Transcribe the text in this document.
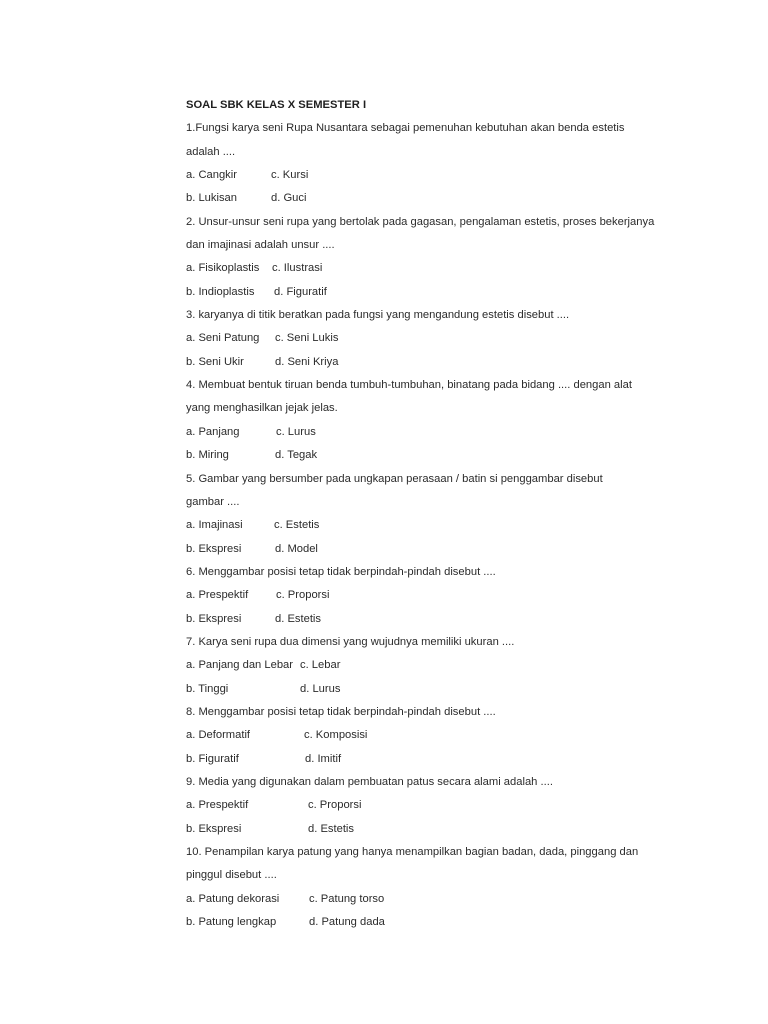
SOAL SBK KELAS X SEMESTER I
1.Fungsi karya seni Rupa Nusantara sebagai pemenuhan kebutuhan akan benda estetis
adalah ....
a. Cangkir	c. Kursi
b. Lukisan	d. Guci
2. Unsur-unsur seni rupa yang bertolak pada gagasan, pengalaman estetis, proses bekerjanya
dan imajinasi adalah unsur ....
a. Fisikoplastis	c. Ilustrasi
b. Indioplastis	d. Figuratif
3. karyanya di titik beratkan pada fungsi yang mengandung estetis disebut ....
a. Seni Patung	c. Seni Lukis
b. Seni Ukir	d. Seni Kriya
4. Membuat bentuk tiruan benda tumbuh-tumbuhan, binatang pada bidang .... dengan alat
yang menghasilkan jejak jelas.
a. Panjang	c. Lurus
b. Miring	d. Tegak
5. Gambar yang bersumber pada ungkapan perasaan / batin si penggambar disebut
gambar ....
a. Imajinasi	c. Estetis
b. Ekspresi	d. Model
6. Menggambar posisi tetap tidak berpindah-pindah disebut ....
a. Prespektif	c. Proporsi
b. Ekspresi	d. Estetis
7. Karya seni rupa dua dimensi yang wujudnya memiliki ukuran ....
a. Panjang dan Lebar c. Lebar
b. Tinggi	d. Lurus
8. Menggambar posisi tetap tidak berpindah-pindah disebut ....
a. Deformatif	c. Komposisi
b. Figuratif	d. Imitif
9. Media yang digunakan dalam pembuatan patus secara alami adalah ....
a. Prespektif	c. Proporsi
b. Ekspresi	d. Estetis
10. Penampilan karya patung yang hanya menampilkan bagian badan, dada, pinggang dan
pinggul disebut ....
a. Patung dekorasi	c. Patung torso
b. Patung lengkap	d. Patung dada
